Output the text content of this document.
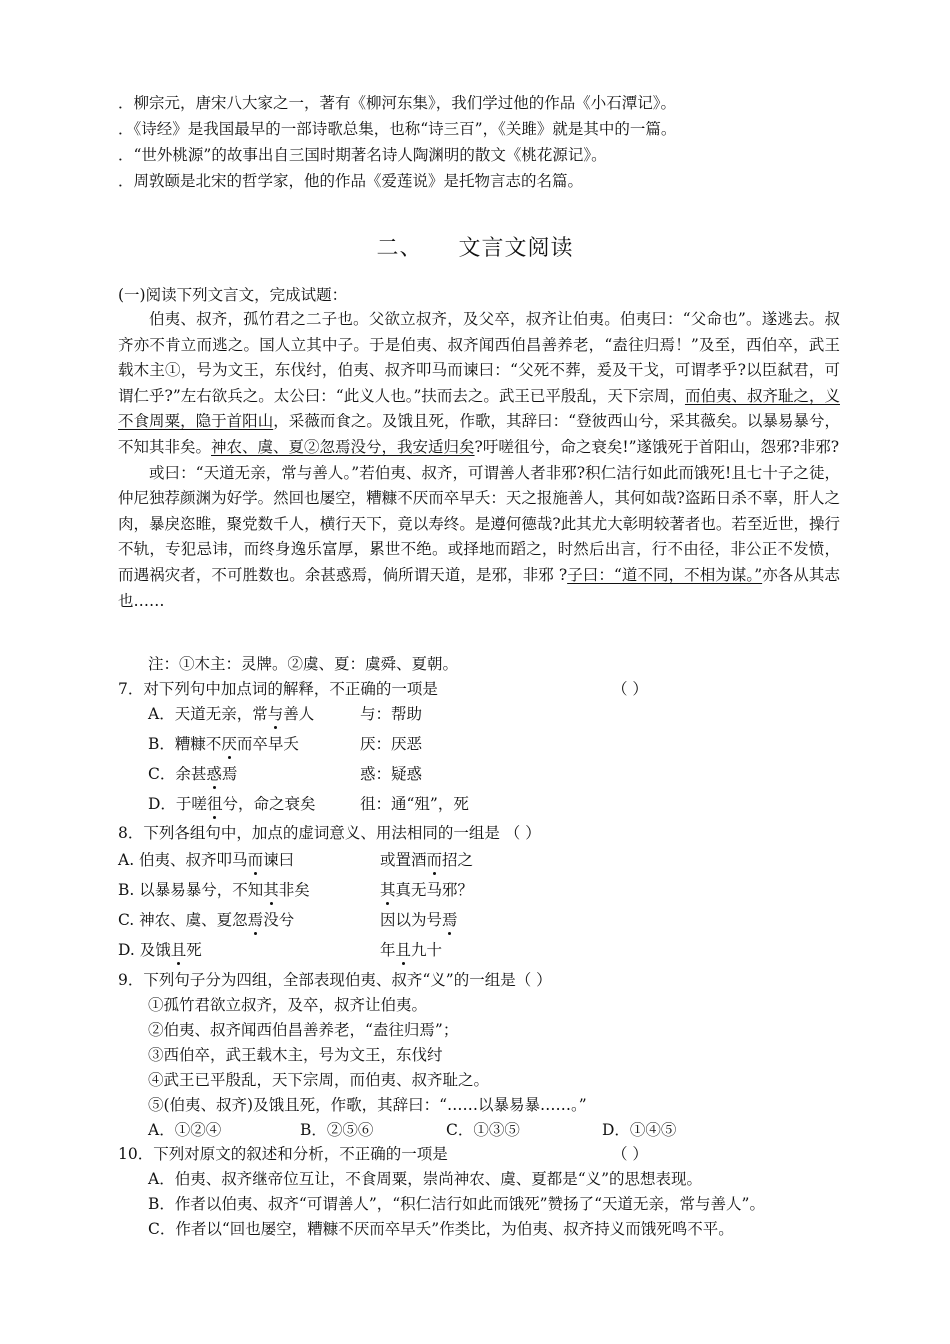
．柳宗元，唐宋八大家之一，著有《柳河东集》，我们学过他的作品《小石潭记》。
．《诗经》是我国最早的一部诗歌总集，也称“诗三百”，《关雎》就是其中的一篇。
．“世外桃源”的故事出自三国时期著名诗人陶渊明的散文《桃花源记》。
．周敦颐是北宋的哲学家，他的作品《爱莲说》是托物言志的名篇。
二、 文言文阅读
(一)阅读下列文言文，完成试题：

伯夷、叔齐，孤竹君之二子也。父欲立叔齐，及父卒，叔齐让伯夷。伯夷曰：“父命也”。遂逃去。叔齐亦不肯立而逃之。国人立其中子。于是伯夷、叔齐闻西伯昌善养老，“盍往归焉！”及至，西伯卒，武王载木主①，号为文王，东伐纣，伯夷、叔齐叩马而谏曰：“父死不葬，爰及干戈，可谓孝乎?以臣弑君，可谓仁乎?”左右欲兵之。太公曰：“此义人也。”扶而去之。武王已平殷乱，天下宗周，而伯夷、叔齐耻之，义不食周粟，隐于首阳山，采薇而食之。及饿且死，作歌，其辞曰：“登彼西山兮，采其薇矣。以暴易暴兮，不知其非矣。神农、虞、夏②忽焉没兮，我安适归矣?吁嗟徂兮，命之衰矣!”遂饿死于首阳山，怨邪?非邪?

或曰：“天道无亲，常与善人。”若伯夷、叔齐，可谓善人者非邪?积仁洁行如此而饿死!且七十子之徒，仲尼独荐颜渊为好学。然回也屡空，糟糠不厌而卒早夭：天之报施善人，其何如哉?盗跖日杀不辜，肝人之肉，暴戾恣睢，聚党数千人，横行天下，竟以寿终。是遵何德哉?此其尤大彰明较著者也。若至近世，操行不轨，专犯忌讳，而终身逸乐富厚，累世不绝。或择地而蹈之，时然后出言，行不由径，非公正不发愤，而遇祸灾者，不可胜数也。余甚惑焉，倘所谓天道，是邪，非邪 ?子曰：“道不同，不相为谋。”亦各从其志也……

注：①木主：灵牌。②虞、夏：虞舜、夏朝。
7．对下列句中加点词的解释，不正确的一项是	（ ）
A．天道无亲，常与善人	与：帮助
B．糟糠不厌而卒早夭	厌：厌恶
C．余甚惑焉	惑：疑惑
D．于嗟徂兮，命之衰矣	徂：通“殂”，死
8．下列各组句中，加点的虚词意义、用法相同的一组是 （ ）
A. 伯夷、叔齐叩马而谏曰	或置酒而招之
B. 以暴易暴兮，不知其非矣	其真无马邪？
C. 神农、虞、夏忽焉没兮	因以为号焉
D. 及饿且死	年且九十
9．下列句子分为四组，全部表现伯夷、叔齐“义”的一组是（ ）
①孤竹君欲立叔齐，及卒，叔齐让伯夷。
②伯夷、叔齐闻西伯昌善养老，“盍往归焉”；
③西伯卒，武王载木主，号为文王，东伐纣
④武王已平殷乱，天下宗周，而伯夷、叔齐耻之。
⑤(伯夷、叔齐)及饿且死，作歌，其辞曰：“……以暴易暴……。”
A．①②④	B．②⑤⑥	C．①③⑤	D．①④⑤
10．下列对原文的叙述和分析，不正确的一项是	（ ）
A．伯夷、叔齐继帝位互让，不食周粟，崇尚神农、虞、夏都是“义”的思想表现。
B．作者以伯夷、叔齐“可谓善人”，“积仁洁行如此而饿死”赞扬了“天道无亲，常与善人”。
C．作者以“回也屡空，糟糠不厌而卒早夭”作类比，为伯夷、叔齐持义而饿死鸣不平。
